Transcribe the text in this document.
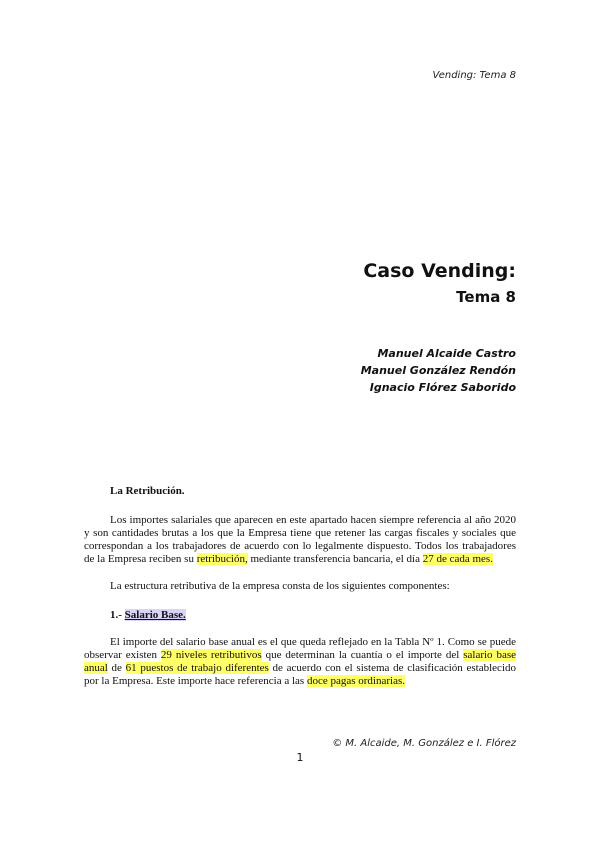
Vending: Tema 8
Caso Vending:
Tema 8
Manuel Alcaide Castro
Manuel González Rendón
Ignacio Flórez Saborido
La Retribución.

Los importes salariales que aparecen en este apartado hacen siempre referencia al año 2020 y son cantidades brutas a los que la Empresa tiene que retener las cargas fiscales y sociales que correspondan a los trabajadores de acuerdo con lo legalmente dispuesto. Todos los trabajadores de la Empresa reciben su retribución, mediante transferencia bancaria, el día 27 de cada mes.

La estructura retributiva de la empresa consta de los siguientes componentes:

1.- Salario Base.

El importe del salario base anual es el que queda reflejado en la Tabla Nº 1. Como se puede observar existen 29 niveles retributivos que determinan la cuantía o el importe del salario base anual de 61 puestos de trabajo diferentes de acuerdo con el sistema de clasificación establecido por la Empresa. Este importe hace referencia a las doce pagas ordinarias.

© M. Alcaide, M. González e I. Flórez
1
